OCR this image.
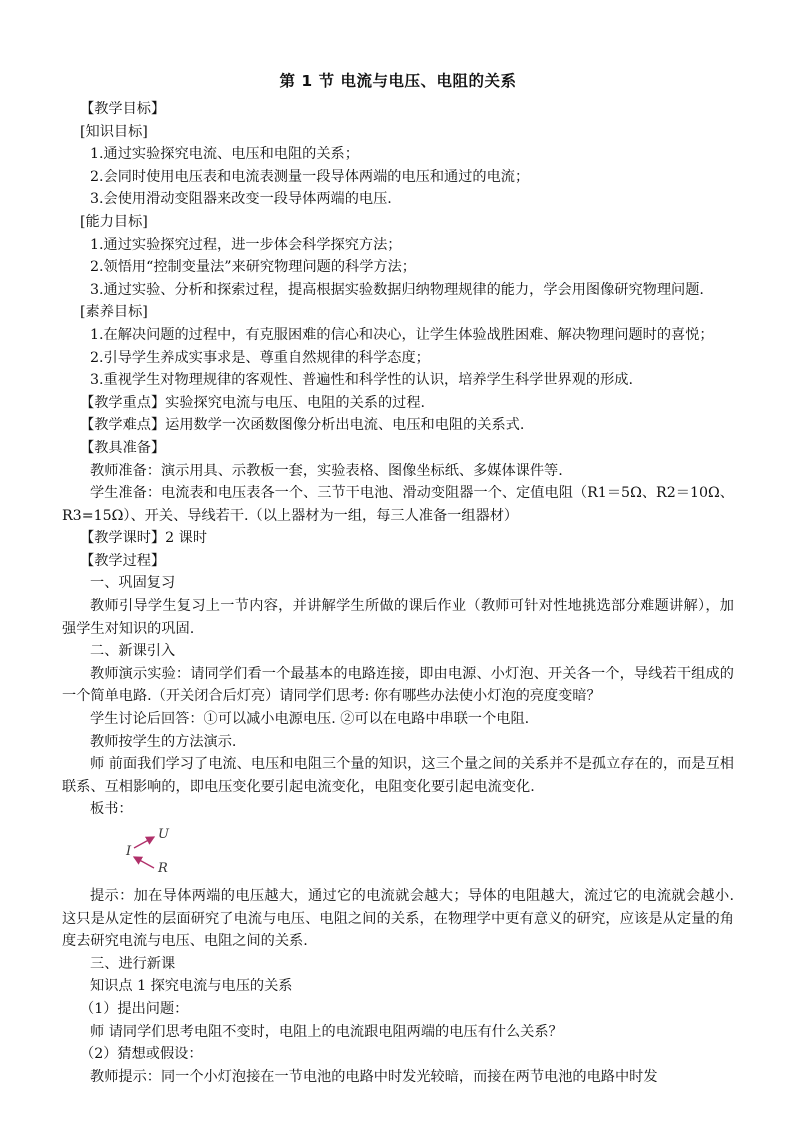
第 1 节 电流与电压、电阻的关系

【教学目标】

[知识目标]

1.通过实验探究电流、电压和电阻的关系；

2.会同时使用电压表和电流表测量一段导体两端的电压和通过的电流；

3.会使用滑动变阻器来改变一段导体两端的电压.

[能力目标]

1.通过实验探究过程，进一步体会科学探究方法；

2.领悟用“控制变量法”来研究物理问题的科学方法；

3.通过实验、分析和探索过程，提高根据实验数据归纳物理规律的能力，学会用图像研究物理问题.

[素养目标]

1.在解决问题的过程中，有克服困难的信心和决心，让学生体验战胜困难、解决物理问题时的喜悦；

2.引导学生养成实事求是、尊重自然规律的科学态度；

3.重视学生对物理规律的客观性、普遍性和科学性的认识，培养学生科学世界观的形成.

【教学重点】实验探究电流与电压、电阻的关系的过程.

【教学难点】运用数学一次函数图像分析出电流、电压和电阻的关系式.

【教具准备】

教师准备：演示用具、示教板一套，实验表格、图像坐标纸、多媒体课件等.

学生准备：电流表和电压表各一个、三节干电池、滑动变阻器一个、定值电阻（R1＝5Ω、R2＝10Ω、R3=15Ω）、开关、导线若干.（以上器材为一组，每三人准备一组器材）

【教学课时】2 课时

【教学过程】

一、巩固复习

教师引导学生复习上一节内容，并讲解学生所做的课后作业（教师可针对性地挑选部分难题讲解），加强学生对知识的巩固.

二、新课引入

教师演示实验：请同学们看一个最基本的电路连接，即由电源、小灯泡、开关各一个，导线若干组成的一个简单电路.（开关闭合后灯亮）请同学们思考: 你有哪些办法使小灯泡的亮度变暗？

学生讨论后回答：①可以减小电源电压. ②可以在电路中串联一个电阻.

教师按学生的方法演示.

师 前面我们学习了电流、电压和电阻三个量的知识，这三个量之间的关系并不是孤立存在的，而是互相联系、互相影响的，即电压变化要引起电流变化，电阻变化要引起电流变化.

板书：

I
U
R

提示：加在导体两端的电压越大，通过它的电流就会越大；导体的电阻越大，流过它的电流就会越小. 这只是从定性的层面研究了电流与电压、电阻之间的关系，在物理学中更有意义的研究，应该是从定量的角度去研究电流与电压、电阻之间的关系.

三、进行新课

知识点 1 探究电流与电压的关系

（1）提出问题：

师 请同学们思考电阻不变时，电阻上的电流跟电阻两端的电压有什么关系？

（2）猜想或假设：

教师提示：同一个小灯泡接在一节电池的电路中时发光较暗，而接在两节电池的电路中时发
